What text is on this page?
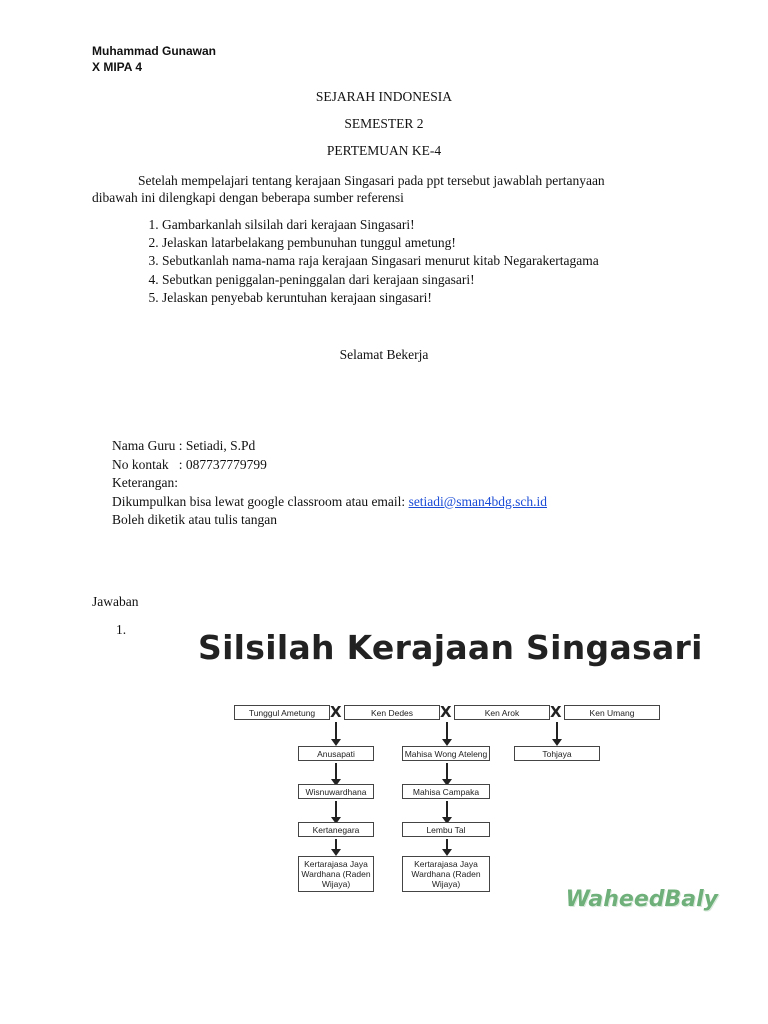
Muhammad Gunawan
X MIPA 4
SEJARAH INDONESIA
SEMESTER 2
PERTEMUAN KE-4
Setelah mempelajari tentang kerajaan Singasari pada ppt tersebut jawablah pertanyaan
dibawah ini dilengkapi dengan beberapa sumber referensi
1. Gambarkanlah silsilah dari kerajaan Singasari!
2. Jelaskan latarbelakang pembunuhan tunggul ametung!
3. Sebutkanlah nama-nama raja kerajaan Singasari menurut kitab Negarakertagama
4. Sebutkan peniggalan-peninggalan dari kerajaan singasari!
5. Jelaskan penyebab keruntuhan kerajaan singasari!
Selamat Bekerja
Nama Guru : Setiadi, S.Pd
No kontak   : 087737779799
Keterangan:
Dikumpulkan bisa lewat google classroom atau email: setiadi@sman4bdg.sch.id
Boleh diketik atau tulis tangan
Jawaban
1. Silsilah Kerajaan Singasari
Tunggul Ametung X	Ken Dedes	X	Ken Arok	X	Ken Umang
Anusapati
Wisnuwardhana
Kertanegara
Kertarajasa Jaya Wardhana (Raden Wijaya)
Mahisa Wong Ateleng
Mahisa Campaka
Lembu Tal
Kertarajasa Jaya Wardhana (Raden Wijaya)
Tohjaya
WaheedBaly
